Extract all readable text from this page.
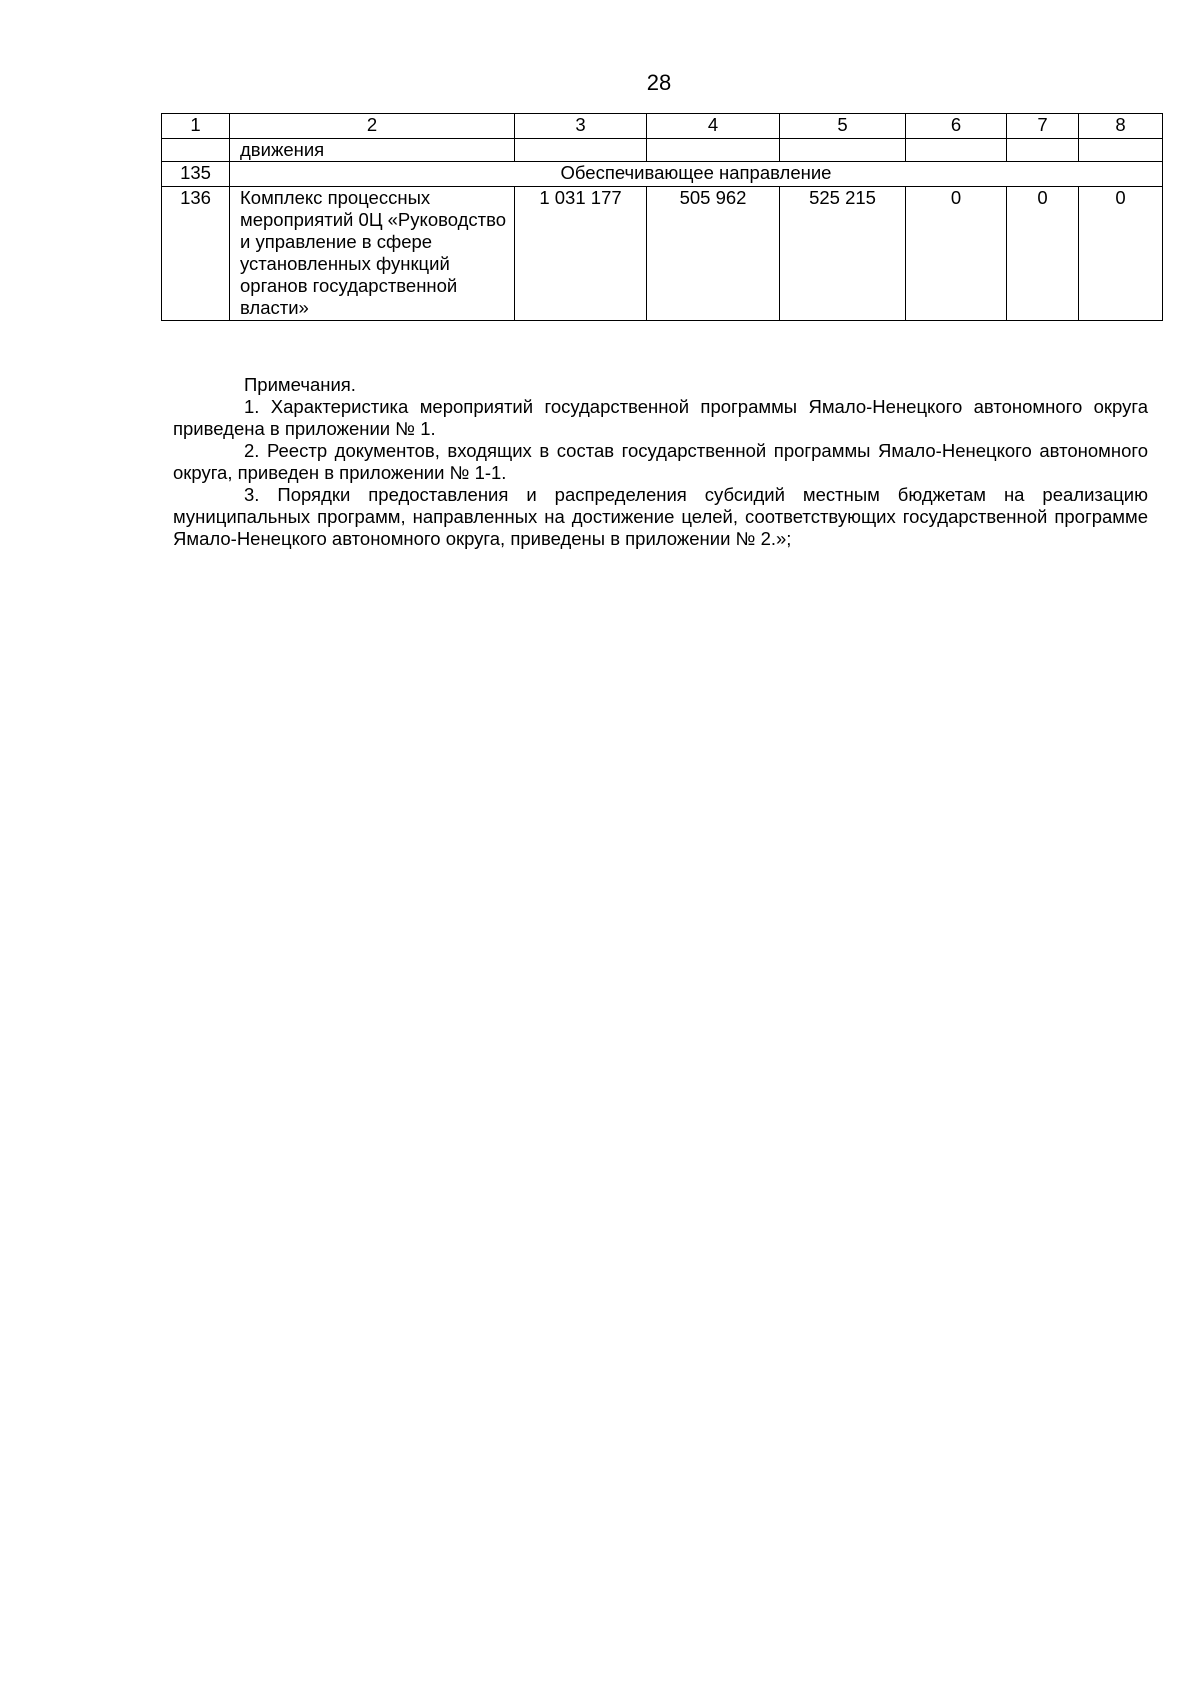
28
1	2	3	4	5	6	7	8
	движения						
135	Обеспечивающее направление						
136	Комплекс процессных мероприятий 0Ц «Руководство и управление в сфере установленных функций органов государственной власти»	1 031 177	505 962	525 215	0	0	0

Примечания.

1. Характеристика мероприятий государственной программы Ямало-Ненецкого автономного округа приведена в приложении № 1.

2. Реестр документов, входящих в состав государственной программы Ямало-Ненецкого автономного округа, приведен в приложении № 1-1.

3. Порядки предоставления и распределения субсидий местным бюджетам на реализацию муниципальных программ, направленных на достижение целей, соответствующих государственной программе Ямало-Ненецкого автономного округа, приведены в приложении № 2.»;
